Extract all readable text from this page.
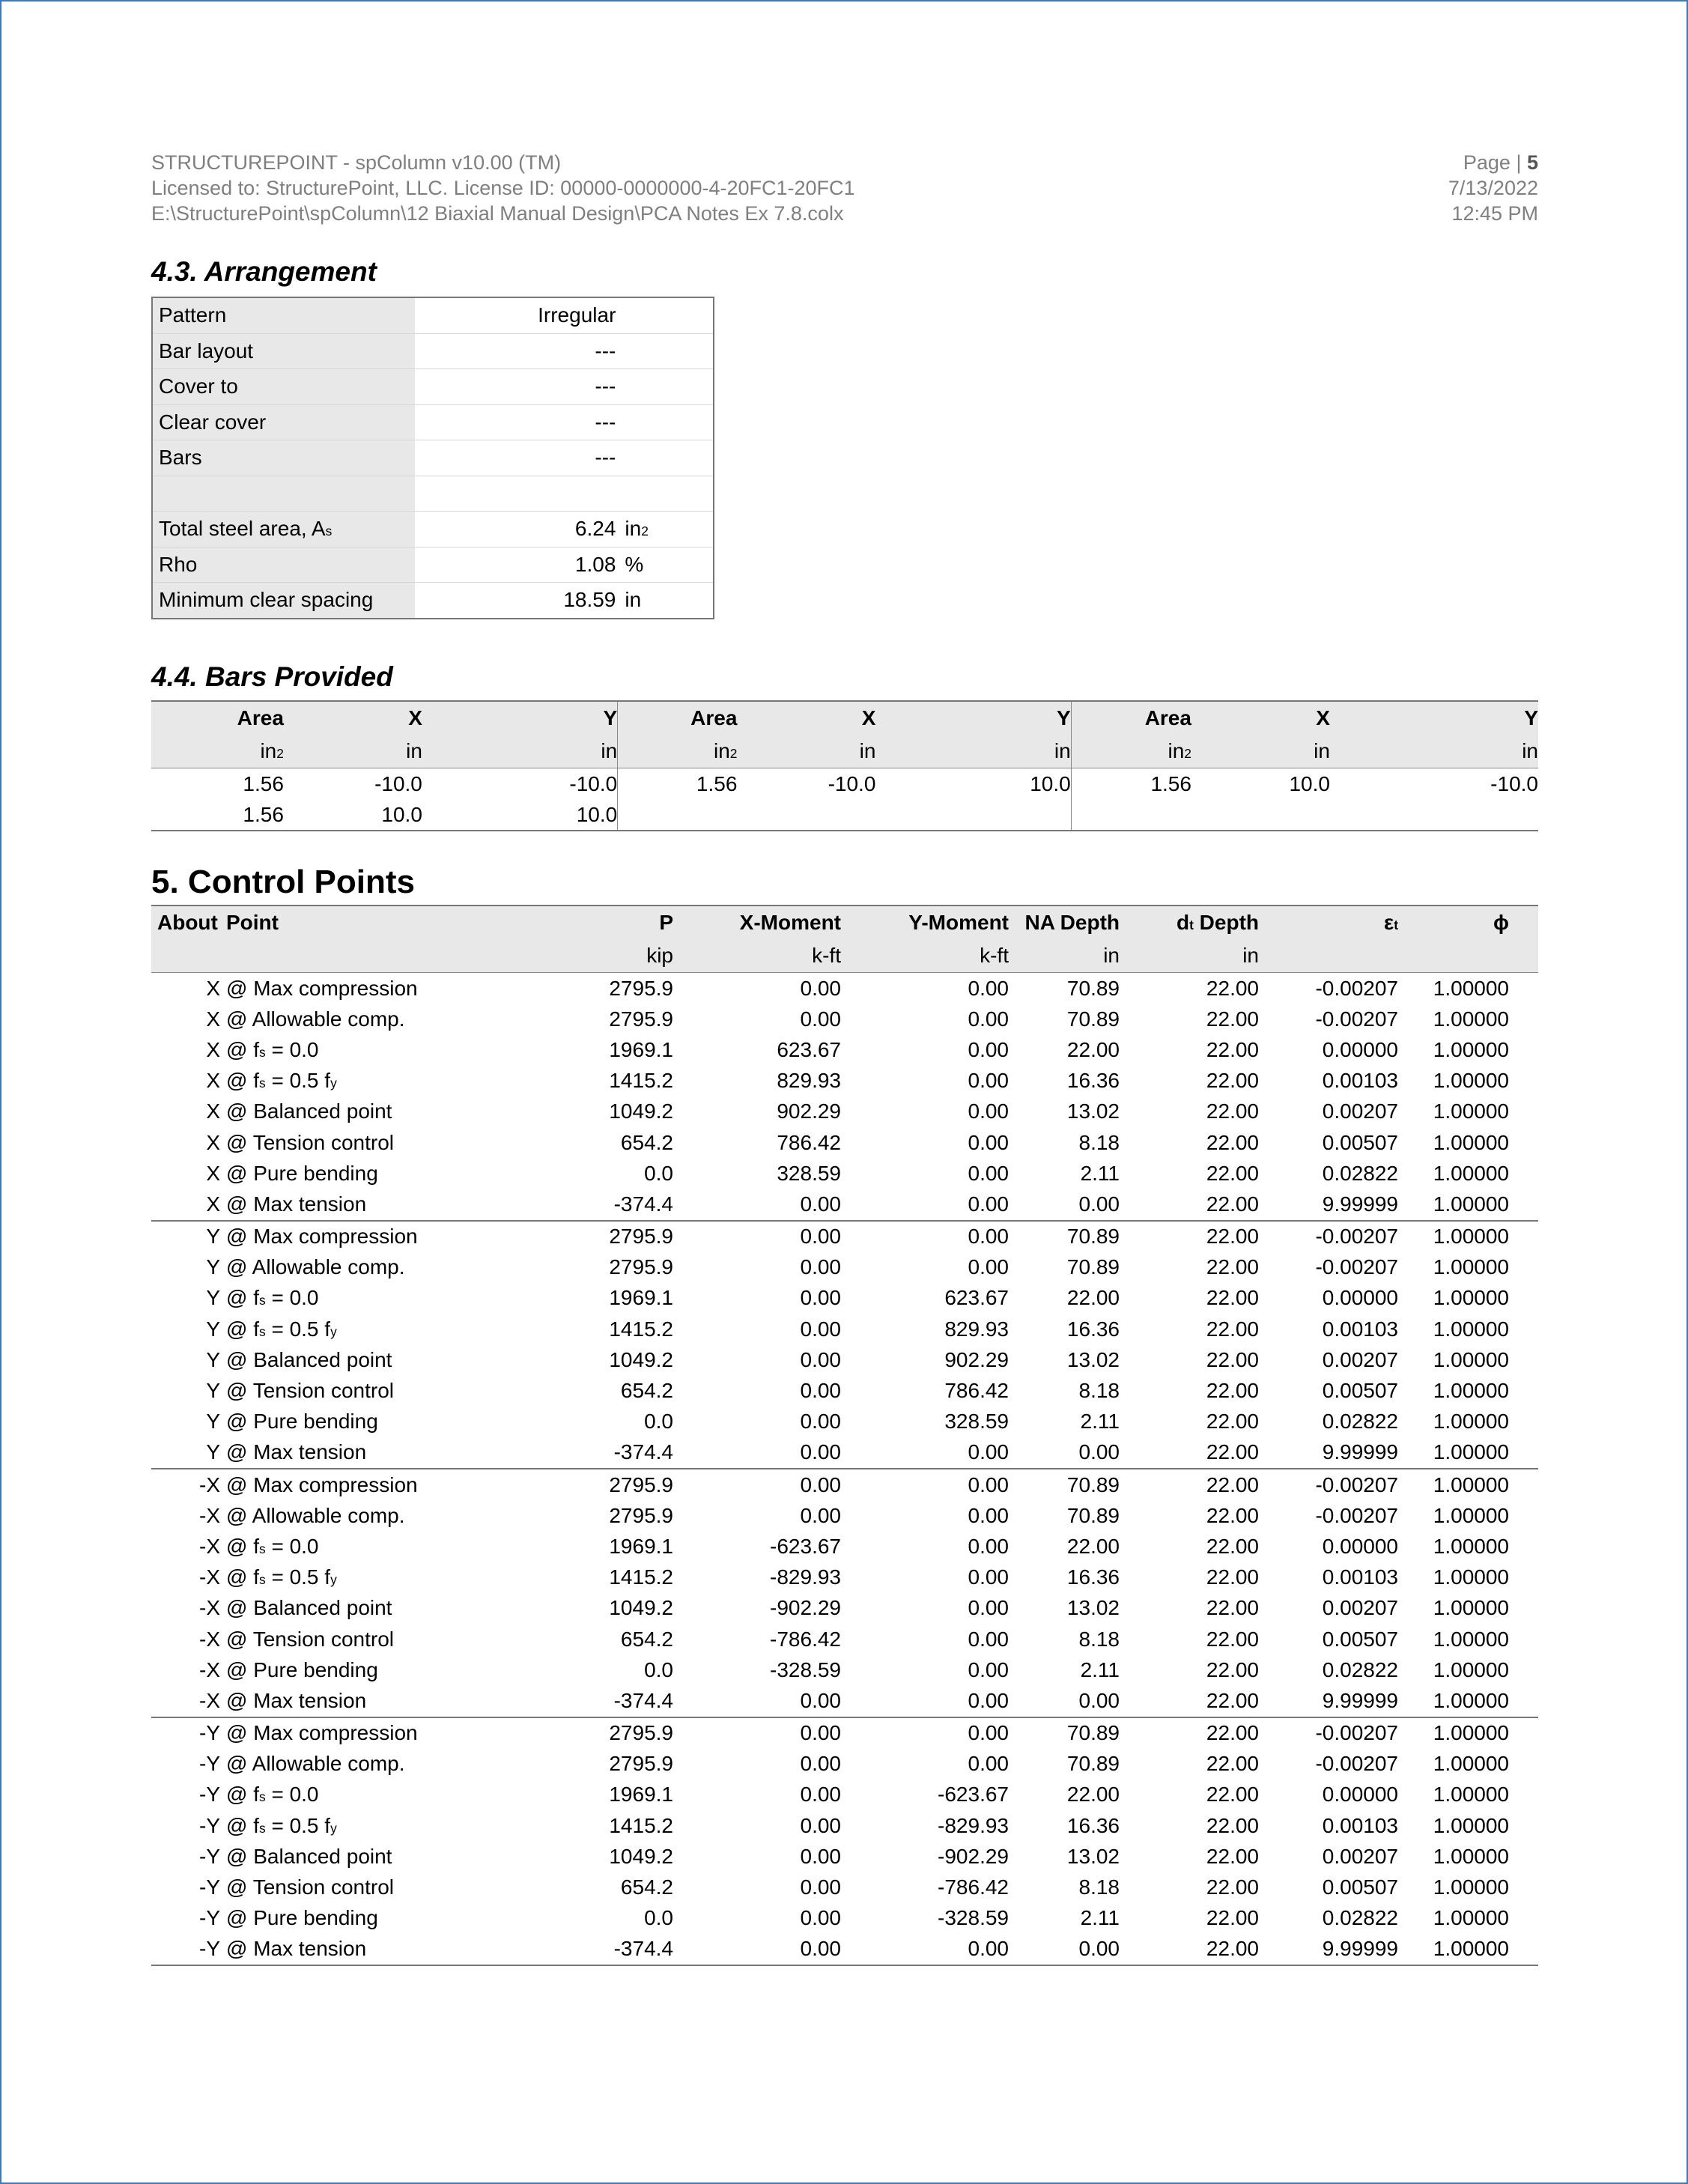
STRUCTUREPOINT - spColumn v10.00 (TM)
Licensed to: StructurePoint, LLC. License ID: 00000-0000000-4-20FC1-20FC1
E:\StructurePoint\spColumn\12 Biaxial Manual Design\PCA Notes Ex 7.8.colx
Page | 5
7/13/2022
12:45 PM
4.3. Arrangement
Pattern	Irregular	
Bar layout	---	
Cover to	---	
Clear cover	---	
Bars	---	

Total steel area, $A_s$	6.24	$in^2$
Rho	1.08	%
Minimum clear spacing	18.59	in
4.4. Bars Provided
Area	X	Y	Area	X	Y	Area	X	Y
$in^2$	in	in	$in^2$	in	in	$in^2$	in	in
1.56	-10.0	-10.0	1.56	-10.0	10.0	1.56	10.0	-10.0
1.56	10.0	10.0						
5. Control Points
About	Point	P	X-Moment	Y-Moment	NA Depth	$d_t$ Depth	$\varepsilon_t$	ϕ	
		kip	k-ft	k-ft	in	in			
X	@ Max compression	2795.9	0.00	0.00	70.89	22.00	-0.00207	1.00000	
X	@ Allowable comp.	2795.9	0.00	0.00	70.89	22.00	-0.00207	1.00000	
X	@ $f_s = 0.0$	1969.1	623.67	0.00	22.00	22.00	0.00000	1.00000	
X	@ $f_s = 0.5$ $f_y$	1415.2	829.93	0.00	16.36	22.00	0.00103	1.00000	
X	@ Balanced point	1049.2	902.29	0.00	13.02	22.00	0.00207	1.00000	
X	@ Tension control	654.2	786.42	0.00	8.18	22.00	0.00507	1.00000	
X	@ Pure bending	0.0	328.59	0.00	2.11	22.00	0.02822	1.00000	
X	@ Max tension	-374.4	0.00	0.00	0.00	22.00	9.99999	1.00000	
Y	@ Max compression	2795.9	0.00	0.00	70.89	22.00	-0.00207	1.00000	
Y	@ Allowable comp.	2795.9	0.00	0.00	70.89	22.00	-0.00207	1.00000	
Y	@ $f_s = 0.0$	1969.1	0.00	623.67	22.00	22.00	0.00000	1.00000	
Y	@ $f_s = 0.5$ $f_y$	1415.2	0.00	829.93	16.36	22.00	0.00103	1.00000	
Y	@ Balanced point	1049.2	0.00	902.29	13.02	22.00	0.00207	1.00000	
Y	@ Tension control	654.2	0.00	786.42	8.18	22.00	0.00507	1.00000	
Y	@ Pure bending	0.0	0.00	328.59	2.11	22.00	0.02822	1.00000	
Y	@ Max tension	-374.4	0.00	0.00	0.00	22.00	9.99999	1.00000	
-X	@ Max compression	2795.9	0.00	0.00	70.89	22.00	-0.00207	1.00000	
-X	@ Allowable comp.	2795.9	0.00	0.00	70.89	22.00	-0.00207	1.00000	
-X	@ $f_s = 0.0$	1969.1	-623.67	0.00	22.00	22.00	0.00000	1.00000	
-X	@ $f_s = 0.5$ $f_y$	1415.2	-829.93	0.00	16.36	22.00	0.00103	1.00000	
-X	@ Balanced point	1049.2	-902.29	0.00	13.02	22.00	0.00207	1.00000	
-X	@ Tension control	654.2	-786.42	0.00	8.18	22.00	0.00507	1.00000	
-X	@ Pure bending	0.0	-328.59	0.00	2.11	22.00	0.02822	1.00000	
-X	@ Max tension	-374.4	0.00	0.00	0.00	22.00	9.99999	1.00000	
-Y	@ Max compression	2795.9	0.00	0.00	70.89	22.00	-0.00207	1.00000	
-Y	@ Allowable comp.	2795.9	0.00	0.00	70.89	22.00	-0.00207	1.00000	
-Y	@ $f_s = 0.0$	1969.1	0.00	-623.67	22.00	22.00	0.00000	1.00000	
-Y	@ $f_s = 0.5$ $f_y$	1415.2	0.00	-829.93	16.36	22.00	0.00103	1.00000	
-Y	@ Balanced point	1049.2	0.00	-902.29	13.02	22.00	0.00207	1.00000	
-Y	@ Tension control	654.2	0.00	-786.42	8.18	22.00	0.00507	1.00000	
-Y	@ Pure bending	0.0	0.00	-328.59	2.11	22.00	0.02822	1.00000	
-Y	@ Max tension	-374.4	0.00	0.00	0.00	22.00	9.99999	1.00000	
